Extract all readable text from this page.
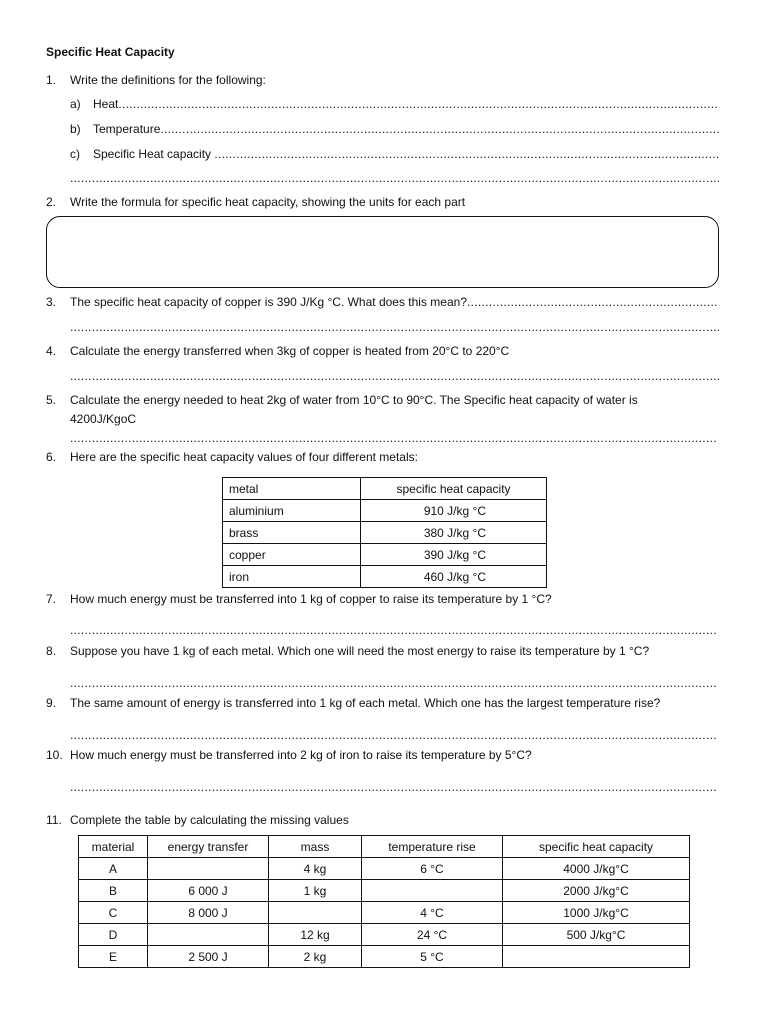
Specific Heat Capacity
1.	Write the definitions for the following:
a) Heat .....
b) Temperature .....
c) Specific Heat capacity .....
.....
2.	Write the formula for specific heat capacity, showing the units for each part
3.	The specific heat capacity of copper is 390 J/Kg °C. What does this mean? .....
.....
4.	Calculate the energy transferred when 3kg of copper is heated from 20°C to 220°C
.....
5.	Calculate the energy needed to heat 2kg of water from 10°C to 90°C. The Specific heat capacity of water is
4200J/KgoC
.....
6.	Here are the specific heat capacity values of four different metals:
metal	specific heat capacity
aluminium	910 J/kg °C
brass	380 J/kg °C
copper	390 J/kg °C
iron	460 J/kg °C
7.	How much energy must be transferred into 1 kg of copper to raise its temperature by 1 °C?
.....
8.	Suppose you have 1 kg of each metal. Which one will need the most energy to raise its temperature by 1 °C?
.....
9.	The same amount of energy is transferred into 1 kg of each metal. Which one has the largest temperature rise?
.....
10. How much energy must be transferred into 2 kg of iron to raise its temperature by 5°C?
.....
11. Complete the table by calculating the missing values
material	energy transfer	mass	temperature rise	specific heat capacity
A		4 kg	6 °C	4000 J/kg°C
B	6 000 J	1 kg		2000 J/kg°C
C	8 000 J		4 °C	1000 J/kg°C
D		12 kg	24 °C	500 J/kg°C
E	2 500 J	2 kg	5 °C	
